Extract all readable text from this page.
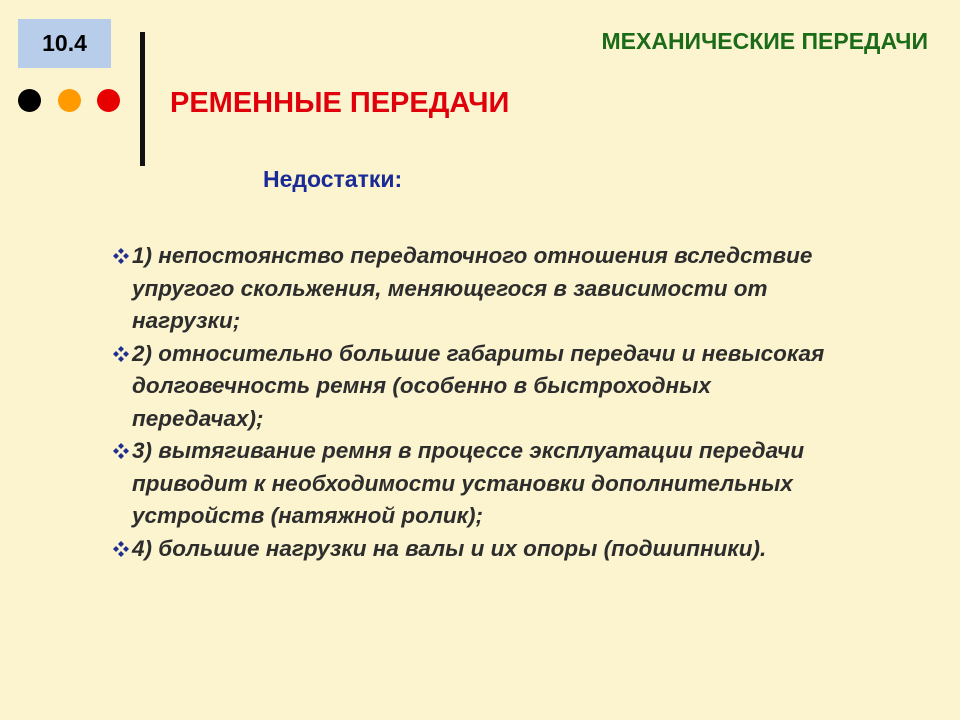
10.4	МЕХАНИЧЕСКИЕ ПЕРЕДАЧИ
РЕМЕННЫЕ ПЕРЕДАЧИ
Недостатки:
1) непостоянство передаточного отношения вследствие упругого скольжения, меняющегося в зависимости от нагрузки;
2) относительно большие габариты передачи и невысокая долговечность ремня (особенно в быстроходных передачах);
3) вытягивание ремня в процессе эксплуатации передачи приводит к необходимости установки дополнительных устройств (натяжной ролик);
4) большие нагрузки на валы и их опоры (подшипники).
